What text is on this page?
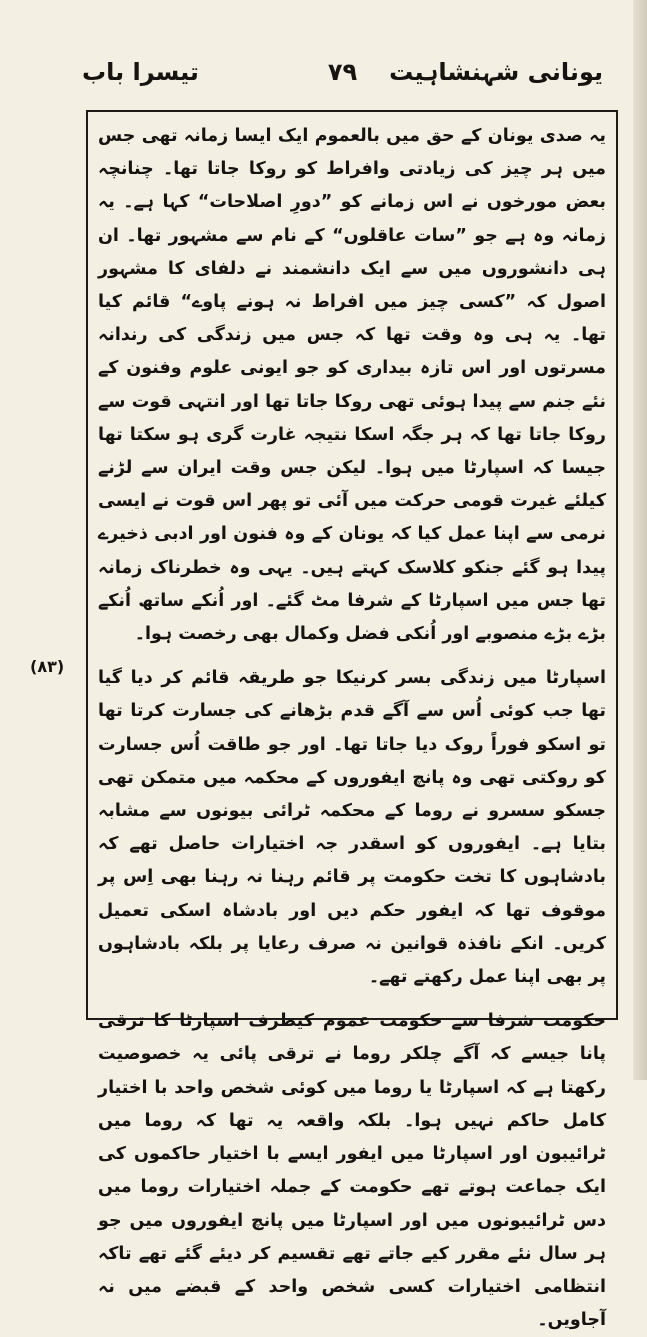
یونانی شہنشاہیت
۷۹
تیسرا باب

یہ صدی یونان کے حق میں بالعموم ایک ایسا زمانہ تھی جس میں ہر چیز کی زیادتی وافراط کو روکا جاتا تھا۔ چنانچہ بعض مورخوں نے اس زمانے کو ”دورِ اصلاحات“ کہا ہے۔ یہ زمانہ وہ ہے جو ”سات عاقلوں“ کے نام سے مشہور تھا۔ ان ہی دانشوروں میں سے ایک دانشمند نے دلفای کا مشہور اصول کہ ”کسی چیز میں افراط نہ ہونے پاوے“ قائم کیا تھا۔ یہ ہی وہ وقت تھا کہ جس میں زندگی کی رندانہ مسرتوں اور اس تازہ بیداری کو جو ایونی علوم وفنون کے نئے جنم سے پیدا ہوئی تھی روکا جاتا تھا اور انتہی قوت سے روکا جاتا تھا کہ ہر جگہ اسکا نتیجہ غارت گری ہو سکتا تھا جیسا کہ اسپارٹا میں ہوا۔ لیکن جس وقت ایران سے لڑنے کیلئے غیرت قومی حرکت میں آئی تو پھر اس قوت نے ایسی نرمی سے اپنا عمل کیا کہ یونان کے وہ فنون اور ادبی ذخیرے پیدا ہو گئے جنکو کلاسک کہتے ہیں۔ یہی وہ خطرناک زمانہ تھا جس میں اسپارٹا کے شرفا مٹ گئے۔ اور اُنکے ساتھ اُنکے بڑے بڑے منصوبے اور اُنکی فضل وکمال بھی رخصت ہوا۔

اسپارٹا میں زندگی بسر کرنیکا جو طریقہ قائم کر دیا گیا تھا جب کوئی اُس سے آگے قدم بڑھانے کی جسارت کرتا تھا تو اسکو فوراً روک دیا جاتا تھا۔ اور جو طاقت اُس جسارت کو روکتی تھی وہ پانچ ایفوروں کے محکمہ میں متمکن تھی جسکو سسرو نے روما کے محکمہ ٹرائی بیونوں سے مشابہ بتایا ہے۔ ایفوروں کو اسقدر جہ اختیارات حاصل تھے کہ بادشاہوں کا تخت حکومت پر قائم رہنا نہ رہنا بھی اِس پر موقوف تھا کہ ایفور حکم دیں اور بادشاہ اسکی تعمیل کریں۔ انکے نافذہ قوانین نہ صرف رعایا پر بلکہ بادشاہوں پر بھی اپنا عمل رکھتے تھے۔

حکومت شرفا سے حکومت عموم کیطرف اسپارٹا کا ترقی پانا جیسے کہ آگے چلکر روما نے ترقی پائی یہ خصوصیت رکھتا ہے کہ اسپارٹا یا روما میں کوئی شخص واحد با اختیار کامل حاکم نہیں ہوا۔ بلکہ واقعہ یہ تھا کہ روما میں ٹرائیبون اور اسپارٹا میں ایفور ایسے با اختیار حاکموں کی ایک جماعت ہوتے تھے حکومت کے جملہ اختیارات روما میں دس ٹرائیبونوں میں اور اسپارٹا میں پانچ ایفوروں میں جو ہر سال نئے مقرر کیے جاتے تھے تقسیم کر دیئے گئے تھے تاکہ انتظامی اختیارات کسی شخص واحد کے قبضے میں نہ آجاویں۔

(۸۳)
